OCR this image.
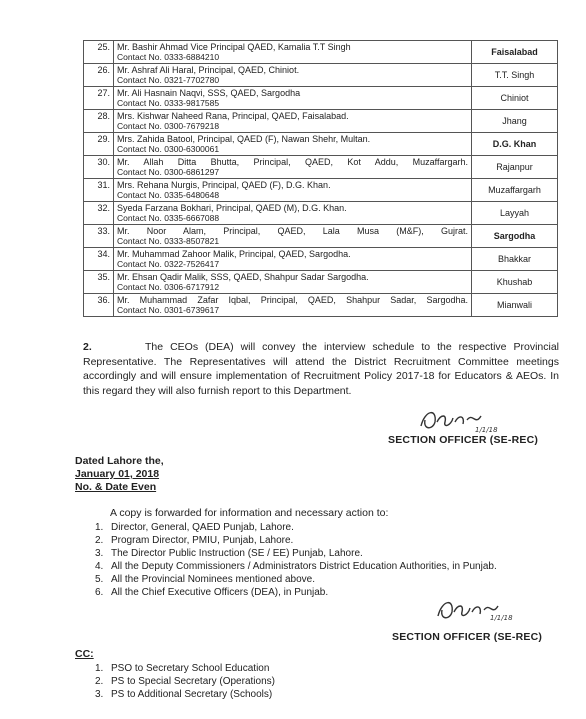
25.	Mr. Bashir Ahmad Vice Principal QAED, Kamalia T.T Singh
Contact No. 0333-6884210	Faisalabad
26.	Mr. Ashraf Ali Haral, Principal, QAED, Chiniot.
Contact No. 0321-7702780	T.T. Singh
27.	Mr. Ali Hasnain Naqvi, SSS, QAED, Sargodha
Contact No. 0333-9817585	Chiniot
28.	Mrs. Kishwar Naheed Rana, Principal, QAED, Faisalabad.
Contact No. 0300-7679218	Jhang
29.	Mrs. Zahida Batool, Principal, QAED (F), Nawan Shehr, Multan.
Contact No. 0300-6300061	D.G. Khan
30.	Mr. Allah Ditta Bhutta, Principal, QAED, Kot Addu, Muzaffargarh.
Contact No. 0300-6861297	Rajanpur
31.	Mrs. Rehana Nurgis, Principal, QAED (F), D.G. Khan.
Contact No. 0335-6480648	Muzaffargarh
32.	Syeda Farzana Bokhari, Principal, QAED (M), D.G. Khan.
Contact No. 0335-6667088	Layyah
33.	Mr. Noor Alam, Principal, QAED, Lala Musa (M&F), Gujrat.
Contact No. 0333-8507821	Sargodha
34.	Mr. Muhammad Zahoor Malik, Principal, QAED, Sargodha.
Contact No. 0322-7526417	Bhakkar
35.	Mr. Ehsan Qadir Malik, SSS, QAED, Shahpur Sadar Sargodha.
Contact No. 0306-6717912	Khushab
36.	Mr. Muhammad Zafar Iqbal, Principal, QAED, Shahpur Sadar, Sargodha.
Contact No. 0301-6739617	Mianwali

2.	The CEOs (DEA) will convey the interview schedule to the respective Provincial Representative. The Representatives will attend the District Recruitment Committee meetings accordingly and will ensure implementation of Recruitment Policy 2017-18 for Educators & AEOs. In this regard they will also furnish report to this Department.

1/1/18
SECTION OFFICER (SE-REC)
Dated Lahore the,
January 01, 2018
No. & Date Even
A copy is forwarded for information and necessary action to:
1. Director, General, QAED Punjab, Lahore.
2. Program Director, PMIU, Punjab, Lahore.
3. The Director Public Instruction (SE / EE) Punjab, Lahore.
4. All the Deputy Commissioners / Administrators District Education Authorities, in Punjab.
5. All the Provincial Nominees mentioned above.
6. All the Chief Executive Officers (DEA), in Punjab.
1/1/18
SECTION OFFICER (SE-REC)
CC:
1. PSO to Secretary School Education
2. PS to Special Secretary (Operations)
3. PS to Additional Secretary (Schools)
